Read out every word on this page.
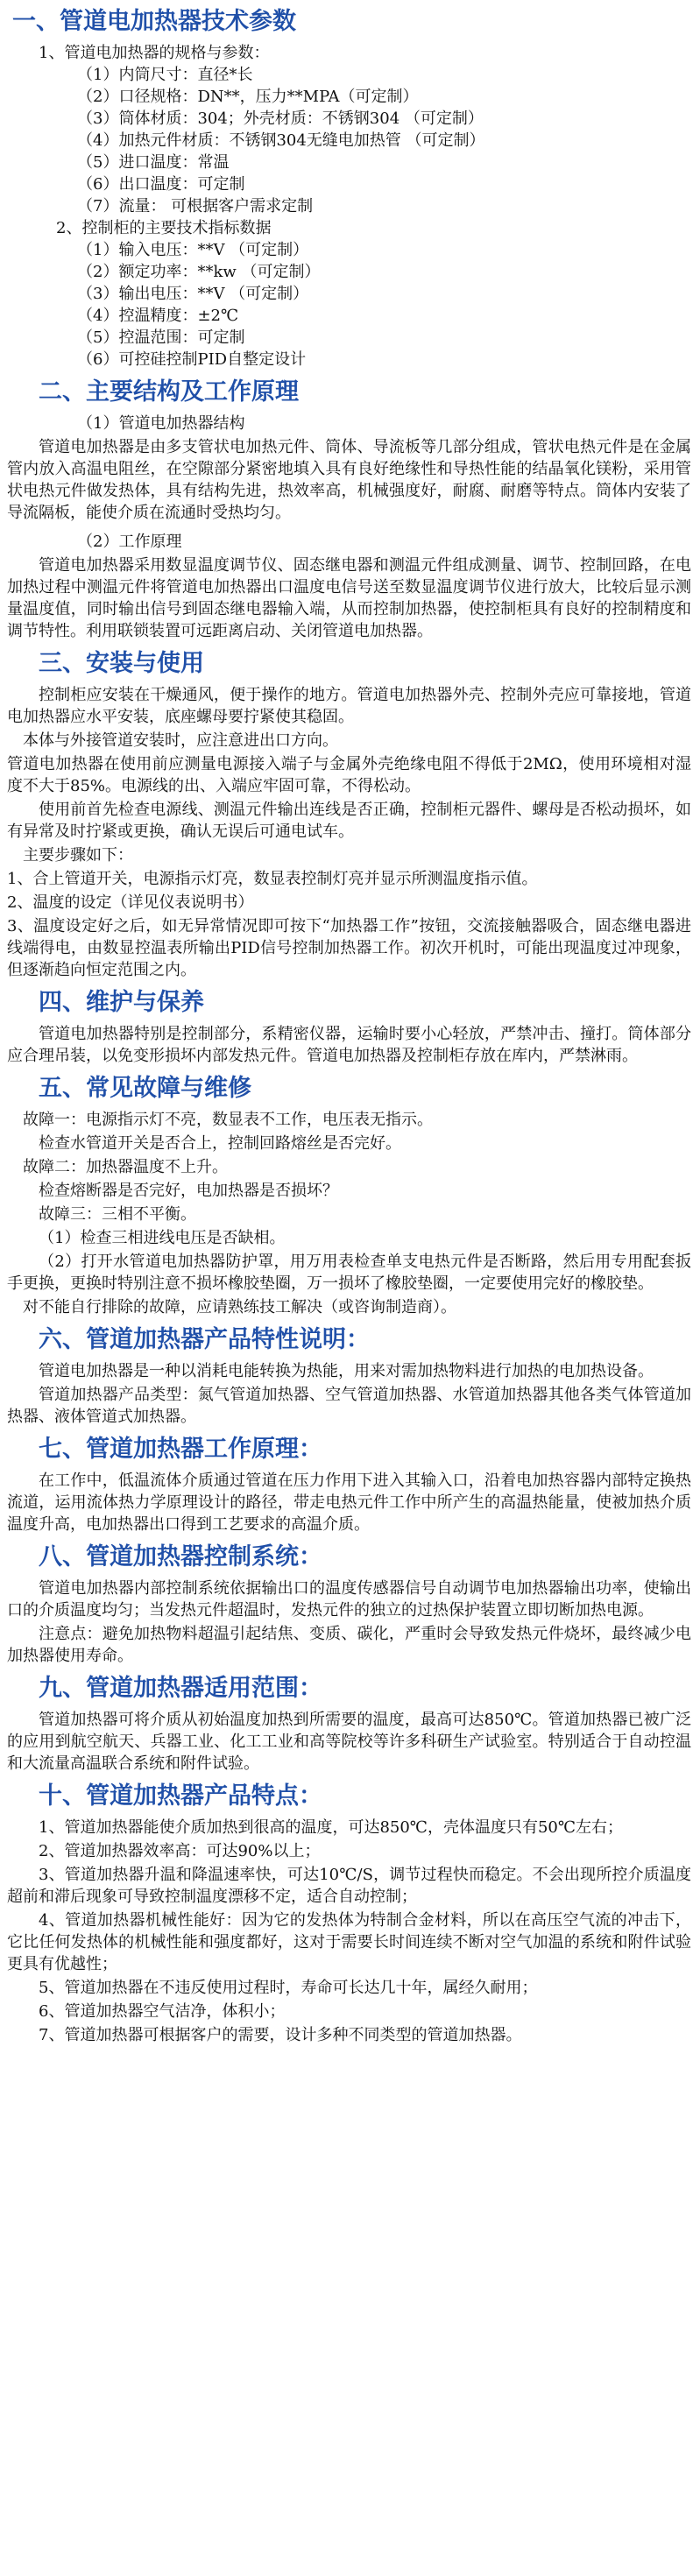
一、管道电加热器技术参数
1、管道电加热器的规格与参数：
（1）内筒尺寸：直径*长
（2）口径规格：DN**，压力**MPA（可定制）
（3）筒体材质：304；外壳材质：不锈钢304 （可定制）
（4）加热元件材质：不锈钢304无缝电加热管 （可定制）
（5）进口温度：常温
（6）出口温度：可定制
（7）流量： 可根据客户需求定制
2、控制柜的主要技术指标数据
（1）输入电压：**V （可定制）
（2）额定功率：**kw （可定制）
（3）输出电压：**V （可定制）
（4）控温精度：±2℃
（5）控温范围：可定制
（6）可控硅控制PID自整定设计
二、主要结构及工作原理
（1）管道电加热器结构
管道电加热器是由多支管状电加热元件、筒体、导流板等几部分组成，管状电热元件是在金属管内放入高温电阻丝，在空隙部分紧密地填入具有良好绝缘性和导热性能的结晶氧化镁粉，采用管状电热元件做发热体，具有结构先进，热效率高，机械强度好，耐腐、耐磨等特点。筒体内安装了导流隔板，能使介质在流通时受热均匀。
（2）工作原理
管道电加热器采用数显温度调节仪、固态继电器和测温元件组成测量、调节、控制回路，在电加热过程中测温元件将管道电加热器出口温度电信号送至数显温度调节仪进行放大，比较后显示测量温度值，同时输出信号到固态继电器输入端，从而控制加热器，使控制柜具有良好的控制精度和调节特性。利用联锁装置可远距离启动、关闭管道电加热器。
三、安装与使用
控制柜应安装在干燥通风，便于操作的地方。管道电加热器外壳、控制外壳应可靠接地，管道电加热器应水平安装，底座螺母要拧紧使其稳固。
本体与外接管道安装时，应注意进出口方向。
管道电加热器在使用前应测量电源接入端子与金属外壳绝缘电阻不得低于2MΩ，使用环境相对湿度不大于85%。电源线的出、入端应牢固可靠，不得松动。
使用前首先检查电源线、测温元件输出连线是否正确，控制柜元器件、螺母是否松动损坏，如有异常及时拧紧或更换，确认无误后可通电试车。
主要步骤如下：
1、合上管道开关，电源指示灯亮，数显表控制灯亮并显示所测温度指示值。
2、温度的设定（详见仪表说明书）
3、温度设定好之后，如无异常情况即可按下“加热器工作”按钮，交流接触器吸合，固态继电器进线端得电，由数显控温表所输出PID信号控制加热器工作。初次开机时，可能出现温度过冲现象，但逐渐趋向恒定范围之内。
四、维护与保养
管道电加热器特别是控制部分，系精密仪器，运输时要小心轻放，严禁冲击、撞打。筒体部分应合理吊装，以免变形损坏内部发热元件。管道电加热器及控制柜存放在库内，严禁淋雨。
五、常见故障与维修
故障一：电源指示灯不亮，数显表不工作，电压表无指示。
检查水管道开关是否合上，控制回路熔丝是否完好。
故障二：加热器温度不上升。
检查熔断器是否完好，电加热器是否损坏？
故障三：三相不平衡。
（1）检查三相进线电压是否缺相。
（2）打开水管道电加热器防护罩，用万用表检查单支电热元件是否断路，然后用专用配套扳手更换，更换时特别注意不损坏橡胶垫圈，万一损坏了橡胶垫圈，一定要使用完好的橡胶垫。
对不能自行排除的故障，应请熟练技工解决（或咨询制造商）。
六、管道加热器产品特性说明：
管道电加热器是一种以消耗电能转换为热能，用来对需加热物料进行加热的电加热设备。
管道加热器产品类型：氮气管道加热器、空气管道加热器、水管道加热器其他各类气体管道加热器、液体管道式加热器。
七、管道加热器工作原理：
在工作中，低温流体介质通过管道在压力作用下进入其输入口，沿着电加热容器内部特定换热流道，运用流体热力学原理设计的路径，带走电热元件工作中所产生的高温热能量，使被加热介质温度升高，电加热器出口得到工艺要求的高温介质。
八、管道加热器控制系统：
管道电加热器内部控制系统依据输出口的温度传感器信号自动调节电加热器输出功率，使输出口的介质温度均匀；当发热元件超温时，发热元件的独立的过热保护装置立即切断加热电源。
注意点：避免加热物料超温引起结焦、变质、碳化，严重时会导致发热元件烧坏，最终减少电加热器使用寿命。
九、管道加热器适用范围：
管道加热器可将介质从初始温度加热到所需要的温度，最高可达850℃。管道加热器已被广泛的应用到航空航天、兵器工业、化工工业和高等院校等许多科研生产试验室。特别适合于自动控温和大流量高温联合系统和附件试验。
十、管道加热器产品特点：
1、管道加热器能使介质加热到很高的温度，可达850℃，壳体温度只有50℃左右；
2、管道加热器效率高：可达90%以上；
3、管道加热器升温和降温速率快，可达10℃/S，调节过程快而稳定。不会出现所控介质温度超前和滞后现象可导致控制温度漂移不定，适合自动控制；
4、管道加热器机械性能好：因为它的发热体为特制合金材料，所以在高压空气流的冲击下，它比任何发热体的机械性能和强度都好，这对于需要长时间连续不断对空气加温的系统和附件试验更具有优越性；
5、管道加热器在不违反使用过程时，寿命可长达几十年，属经久耐用；
6、管道加热器空气洁净，体积小；
7、管道加热器可根据客户的需要，设计多种不同类型的管道加热器。
